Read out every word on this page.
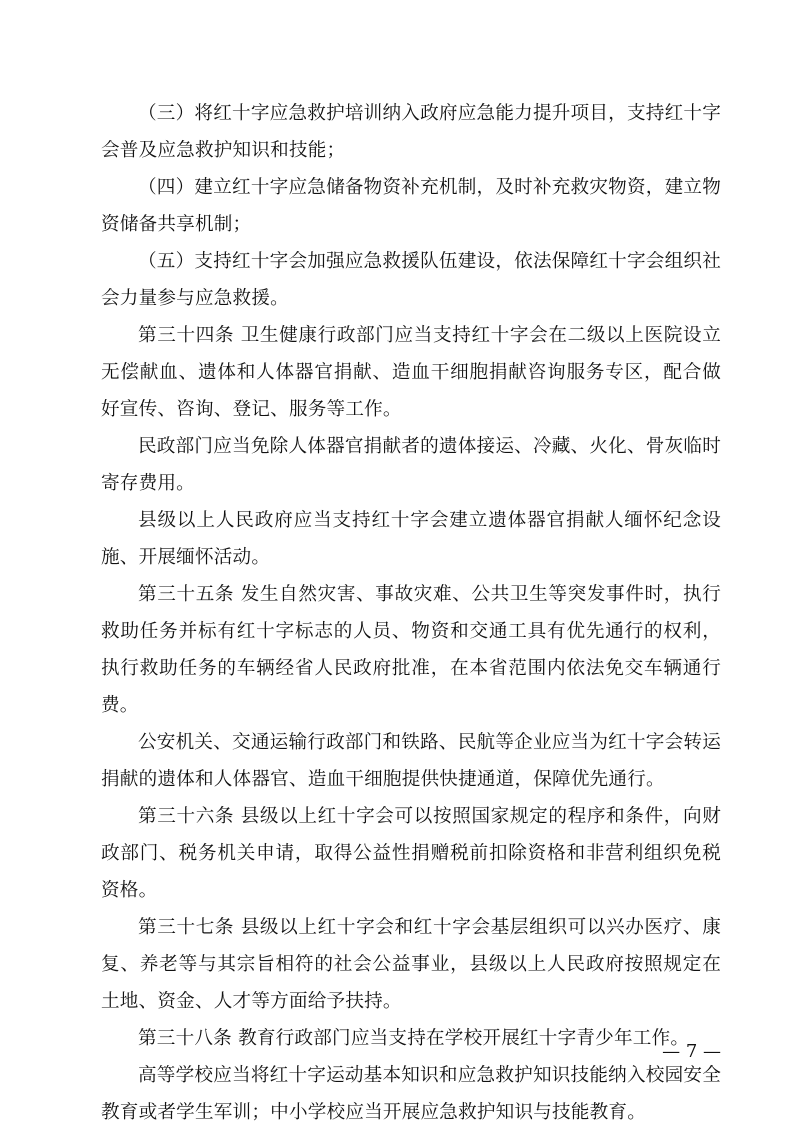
（三）将红十字应急救护培训纳入政府应急能力提升项目，支持红十字会普及应急救护知识和技能；

（四）建立红十字应急储备物资补充机制，及时补充救灾物资，建立物资储备共享机制；

（五）支持红十字会加强应急救援队伍建设，依法保障红十字会组织社会力量参与应急救援。

第三十四条 卫生健康行政部门应当支持红十字会在二级以上医院设立无偿献血、遗体和人体器官捐献、造血干细胞捐献咨询服务专区，配合做好宣传、咨询、登记、服务等工作。

民政部门应当免除人体器官捐献者的遗体接运、冷藏、火化、骨灰临时寄存费用。

县级以上人民政府应当支持红十字会建立遗体器官捐献人缅怀纪念设施、开展缅怀活动。

第三十五条 发生自然灾害、事故灾难、公共卫生等突发事件时，执行救助任务并标有红十字标志的人员、物资和交通工具有优先通行的权利，执行救助任务的车辆经省人民政府批准，在本省范围内依法免交车辆通行费。

公安机关、交通运输行政部门和铁路、民航等企业应当为红十字会转运捐献的遗体和人体器官、造血干细胞提供快捷通道，保障优先通行。

第三十六条 县级以上红十字会可以按照国家规定的程序和条件，向财政部门、税务机关申请，取得公益性捐赠税前扣除资格和非营利组织免税资格。

第三十七条 县级以上红十字会和红十字会基层组织可以兴办医疗、康复、养老等与其宗旨相符的社会公益事业，县级以上人民政府按照规定在土地、资金、人才等方面给予扶持。

第三十八条 教育行政部门应当支持在学校开展红十字青少年工作。

高等学校应当将红十字运动基本知识和应急救护知识技能纳入校园安全教育或者学生军训；中小学校应当开展应急救护知识与技能教育。

— 7 —
